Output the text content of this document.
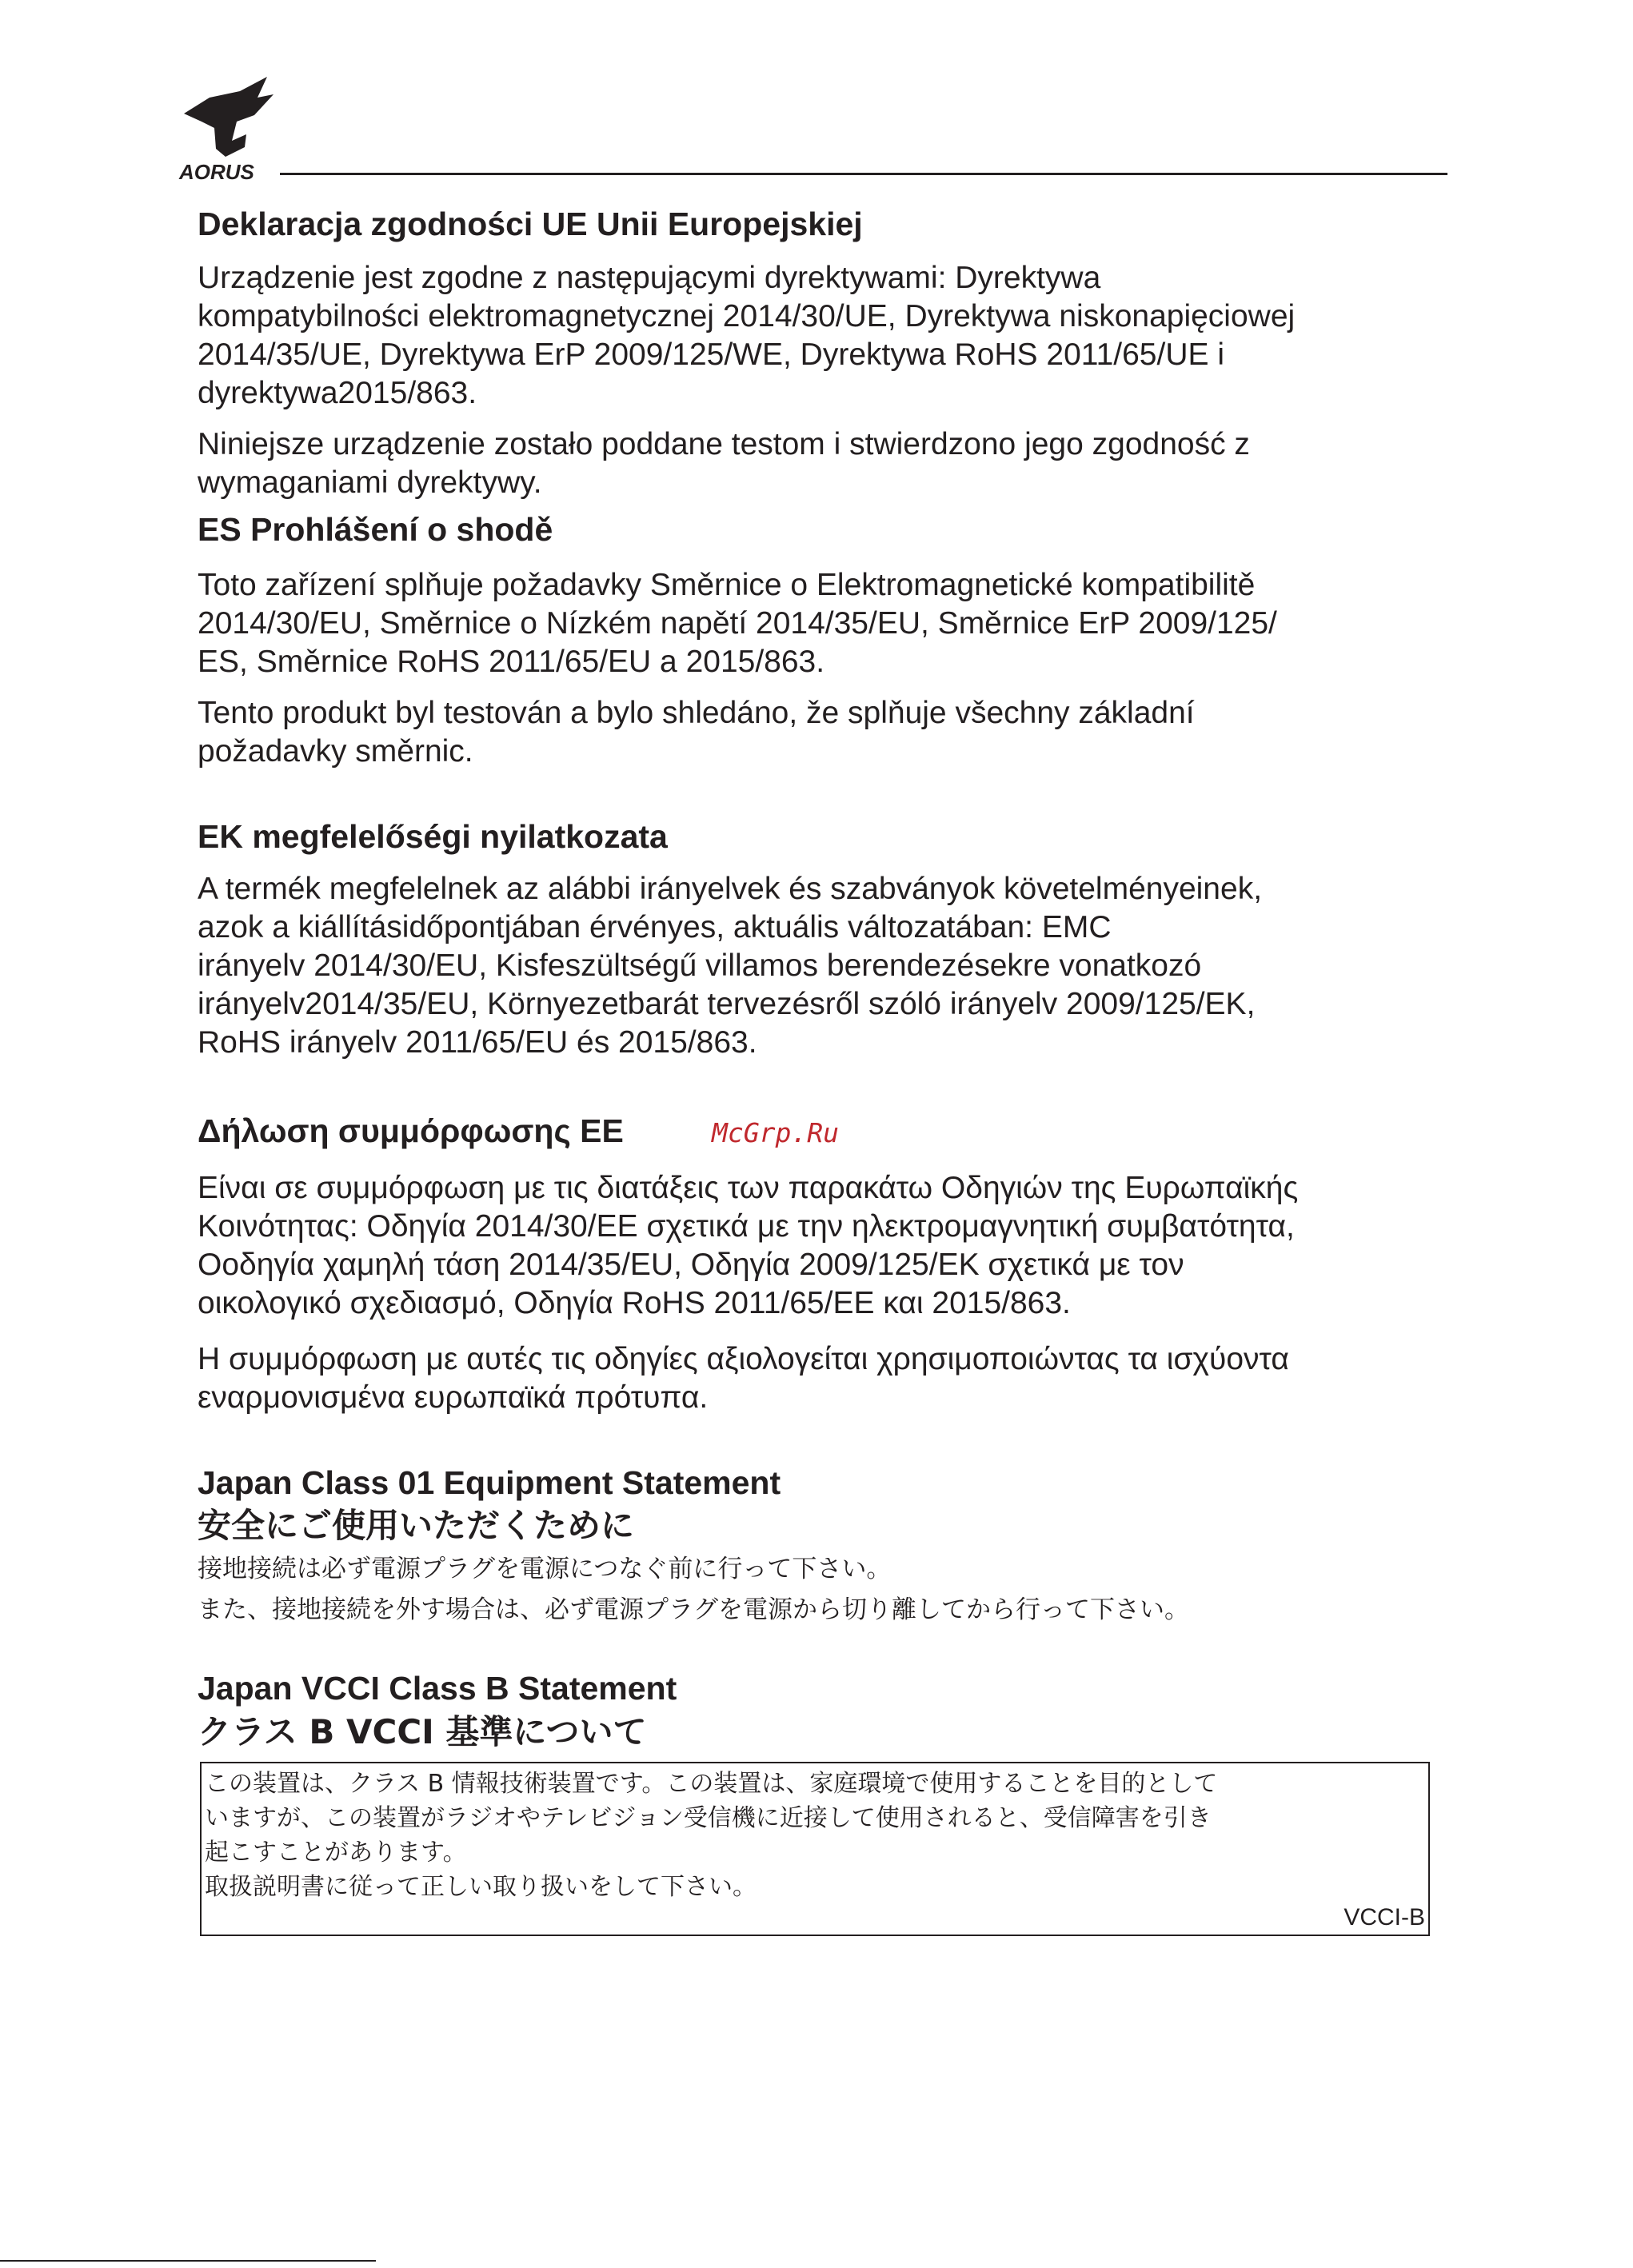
AORUS
Deklaracja zgodności UE Unii Europejskiej
Urządzenie jest zgodne z następującymi dyrektywami: Dyrektywa
kompatybilności elektromagnetycznej 2014/30/UE, Dyrektywa niskonapięciowej
2014/35/UE, Dyrektywa ErP 2009/125/WE, Dyrektywa RoHS 2011/65/UE i
dyrektywa2015/863.
Niniejsze urządzenie zostało poddane testom i stwierdzono jego zgodność z
wymaganiami dyrektywy.
ES Prohlášení o shodě
Toto zařízení splňuje požadavky Směrnice o Elektromagnetické kompatibilitě
2014/30/EU, Směrnice o Nízkém napětí 2014/35/EU, Směrnice ErP 2009/125/
ES, Směrnice RoHS 2011/65/EU a 2015/863.
Tento produkt byl testován a bylo shledáno, že splňuje všechny základní
požadavky směrnic.
EK megfelelőségi nyilatkozata
A termék megfelelnek az alábbi irányelvek és szabványok követelményeinek,
azok a kiállításidőpontjában érvényes, aktuális változatában: EMC
irányelv 2014/30/EU, Kisfeszültségű villamos berendezésekre vonatkozó
irányelv2014/35/EU, Környezetbarát tervezésről szóló irányelv 2009/125/EK,
RoHS irányelv 2011/65/EU és 2015/863.
Δήλωση συμμόρφωσης ΕΕ
Είναι σε συμμόρφωση με τις διατάξεις των παρακάτω Οδηγιών της Ευρωπαϊκής
Κοινότητας: Οδηγία 2014/30/EE σχετικά με την ηλεκτρομαγνητική συμβατότητα,
Οοδηγία χαμηλή τάση 2014/35/EU, Οδηγία 2009/125/EK σχετικά με τον
οικολογικό σχεδιασμό, Οδηγία RoHS 2011/65/EE και 2015/863.
Η συμμόρφωση με αυτές τις οδηγίες αξιολογείται χρησιμοποιώντας τα ισχύοντα
εναρμονισμένα ευρωπαϊκά πρότυπα.
Japan Class 01 Equipment Statement
安全にご使用いただくために
接地接続は必ず電源プラグを電源につなぐ前に行って下さい。
また、接地接続を外す場合は、必ず電源プラグを電源から切り離してから行って下さい。
Japan VCCI Class B Statement
クラス B VCCI 基準について
McGrp.Ru
この装置は、クラス B 情報技術装置です。この装置は、家庭環境で使用することを目的として
いますが、この装置がラジオやテレビジョン受信機に近接して使用されると、受信障害を引き
起こすことがあります。
取扱説明書に従って正しい取り扱いをして下さい。
VCCI-B
